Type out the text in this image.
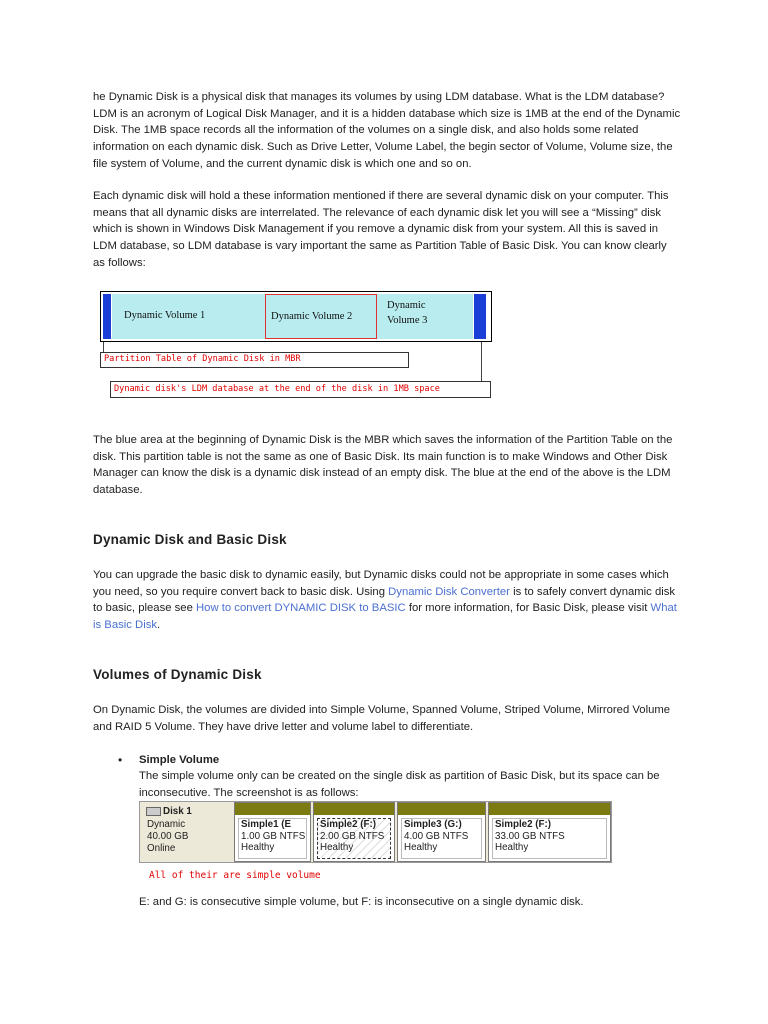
he Dynamic Disk is a physical disk that manages its volumes by using LDM database. What is the LDM database? LDM is an acronym of Logical Disk Manager, and it is a hidden database which size is 1MB at the end of the Dynamic Disk. The 1MB space records all the information of the volumes on a single disk, and also holds some related information on each dynamic disk. Such as Drive Letter, Volume Label, the begin sector of Volume, Volume size, the file system of Volume, and the current dynamic disk is which one and so on.

Each dynamic disk will hold a these information mentioned if there are several dynamic disk on your computer. This means that all dynamic disks are interrelated. The relevance of each dynamic disk let you will see a “Missing” disk which is shown in Windows Disk Management if you remove a dynamic disk from your system. All this is saved in LDM database, so LDM database is vary important the same as Partition Table of Basic Disk. You can know clearly as follows:

Dynamic Volume 1	Dynamic Volume 2
Dynamic
Volume 3
Partition Table of Dynamic Disk in MBR
Dynamic disk's LDM database at the end of the disk in 1MB space

The blue area at the beginning of Dynamic Disk is the MBR which saves the information of the Partition Table on the disk. This partition table is not the same as one of Basic Disk. Its main function is to make Windows and Other Disk Manager can know the disk is a dynamic disk instead of an empty disk. The blue at the end of the above is the LDM database.

Dynamic Disk and Basic Disk

You can upgrade the basic disk to dynamic easily, but Dynamic disks could not be appropriate in some cases which you need, so you require convert back to basic disk. Using Dynamic Disk Converter is to safely convert dynamic disk to basic, please see How to convert DYNAMIC DISK to BASIC for more information, for Basic Disk, please visit What is Basic Disk.

Volumes of Dynamic Disk

On Dynamic Disk, the volumes are divided into Simple Volume, Spanned Volume, Striped Volume, Mirrored Volume and RAID 5 Volume. They have drive letter and volume label to differentiate.

• Simple Volume

The simple volume only can be created on the single disk as partition of Basic Disk, but its space can be inconsecutive. The screenshot is as follows:

Disk 1
Dynamic
40.00 GB
Online
Simple1 (E
1.00 GB NTFS
Healthy
Simple2 (F:)
2.00 GB NTFS
Healthy
Simple3 (G:)
4.00 GB NTFS
Healthy
Simple2 (F:)
33.00 GB NTFS
Healthy
All of their are simple volume

E: and G: is consecutive simple volume, but F: is inconsecutive on a single dynamic disk.
